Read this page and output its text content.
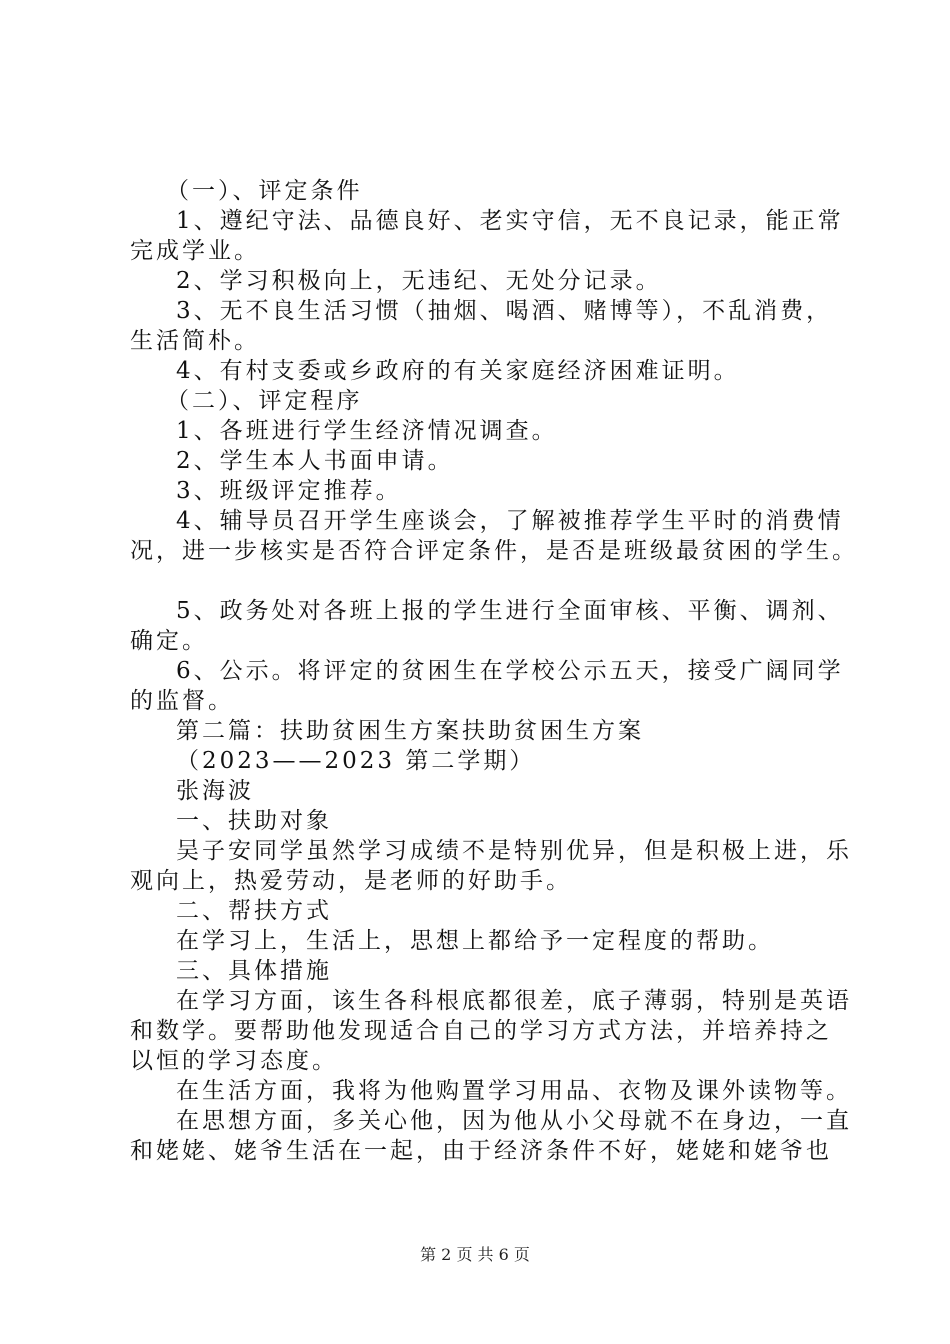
（一）、评定条件
1、遵纪守法、品德良好、老实守信，无不良记录，能正常
完成学业。
2、学习积极向上，无违纪、无处分记录。
3、无不良生活习惯（抽烟、喝酒、赌博等），不乱消费，
生活简朴。
4、有村支委或乡政府的有关家庭经济困难证明。
（二）、评定程序
1、各班进行学生经济情况调查。
2、学生本人书面申请。
3、班级评定推荐。
4、辅导员召开学生座谈会，了解被推荐学生平时的消费情
况，进一步核实是否符合评定条件，是否是班级最贫困的学生。
5、政务处对各班上报的学生进行全面审核、平衡、调剂、
确定。
6、公示。将评定的贫困生在学校公示五天，接受广阔同学
的监督。
第二篇：扶助贫困生方案扶助贫困生方案
（2023——2023 第二学期）
张海波
一、扶助对象
吴子安同学虽然学习成绩不是特别优异，但是积极上进，乐
观向上，热爱劳动，是老师的好助手。
二、帮扶方式
在学习上，生活上，思想上都给予一定程度的帮助。
三、具体措施
在学习方面，该生各科根底都很差，底子薄弱，特别是英语
和数学。要帮助他发现适合自己的学习方式方法，并培养持之
以恒的学习态度。
在生活方面，我将为他购置学习用品、衣物及课外读物等。
在思想方面，多关心他，因为他从小父母就不在身边，一直
和姥姥、姥爷生活在一起，由于经济条件不好，姥姥和姥爷也
第 2 页 共 6 页
